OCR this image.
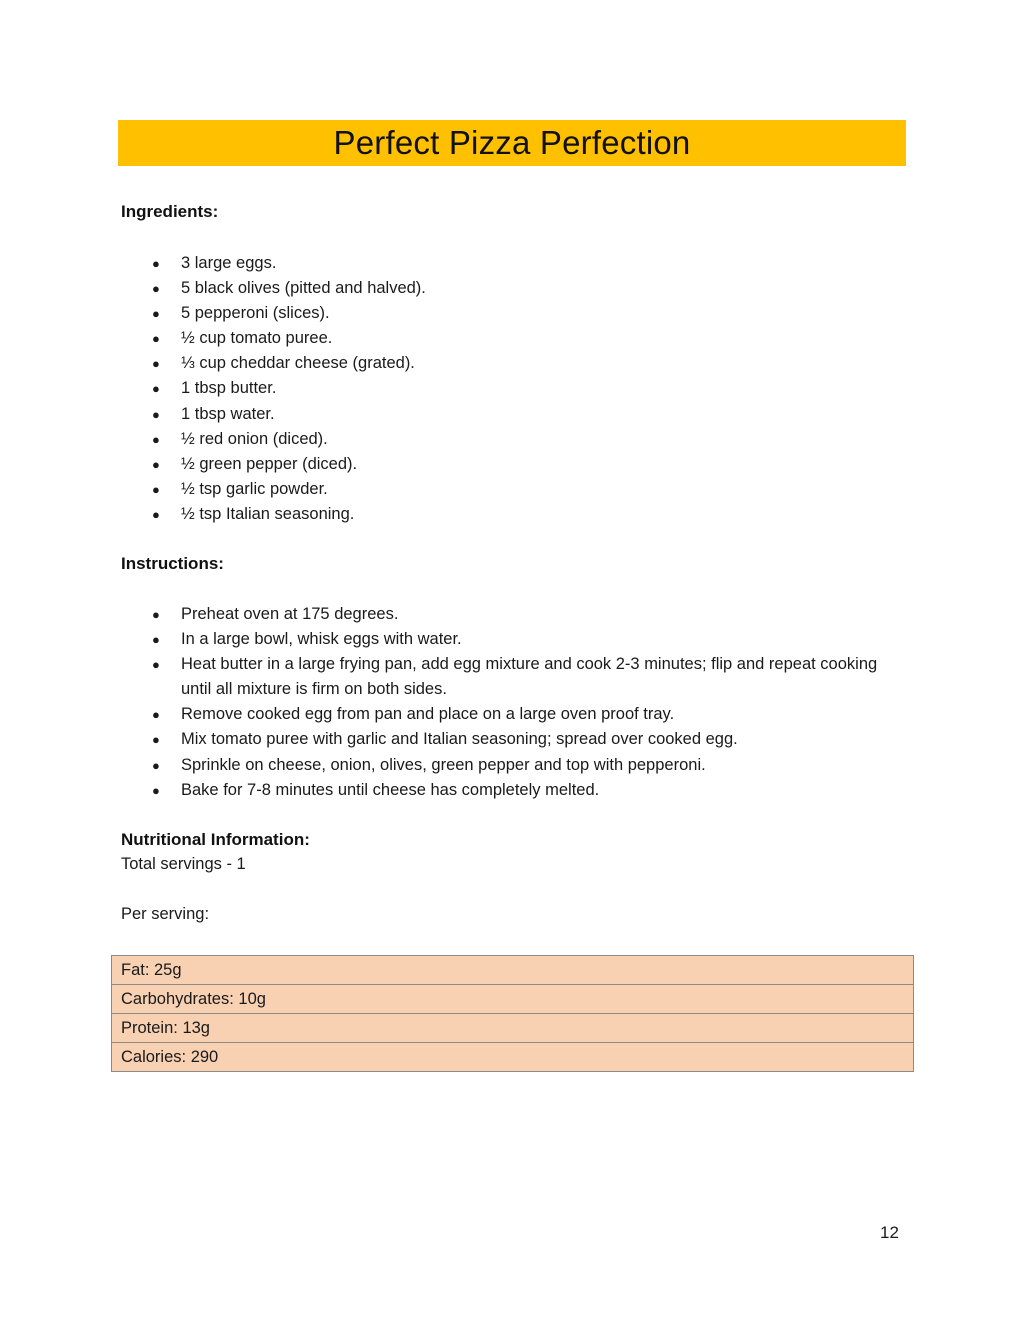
Perfect Pizza Perfection
Ingredients:
● 3 large eggs.
● 5 black olives (pitted and halved).
● 5 pepperoni (slices).
● ½ cup tomato puree.
● ⅓ cup cheddar cheese (grated).
● 1 tbsp butter.
● 1 tbsp water.
● ½ red onion (diced).
● ½ green pepper (diced).
● ½ tsp garlic powder.
● ½ tsp Italian seasoning.
Instructions:
● Preheat oven at 175 degrees.
● In a large bowl, whisk eggs with water.
● Heat butter in a large frying pan, add egg mixture and cook 2-3 minutes; flip and repeat cooking until all mixture is firm on both sides.
● Remove cooked egg from pan and place on a large oven proof tray.
● Mix tomato puree with garlic and Italian seasoning; spread over cooked egg.
● Sprinkle on cheese, onion, olives, green pepper and top with pepperoni.
● Bake for 7-8 minutes until cheese has completely melted.
Nutritional Information:

Total servings - 1

Per serving:

Fat: 25g
Carbohydrates: 10g
Protein: 13g
Calories: 290
12
